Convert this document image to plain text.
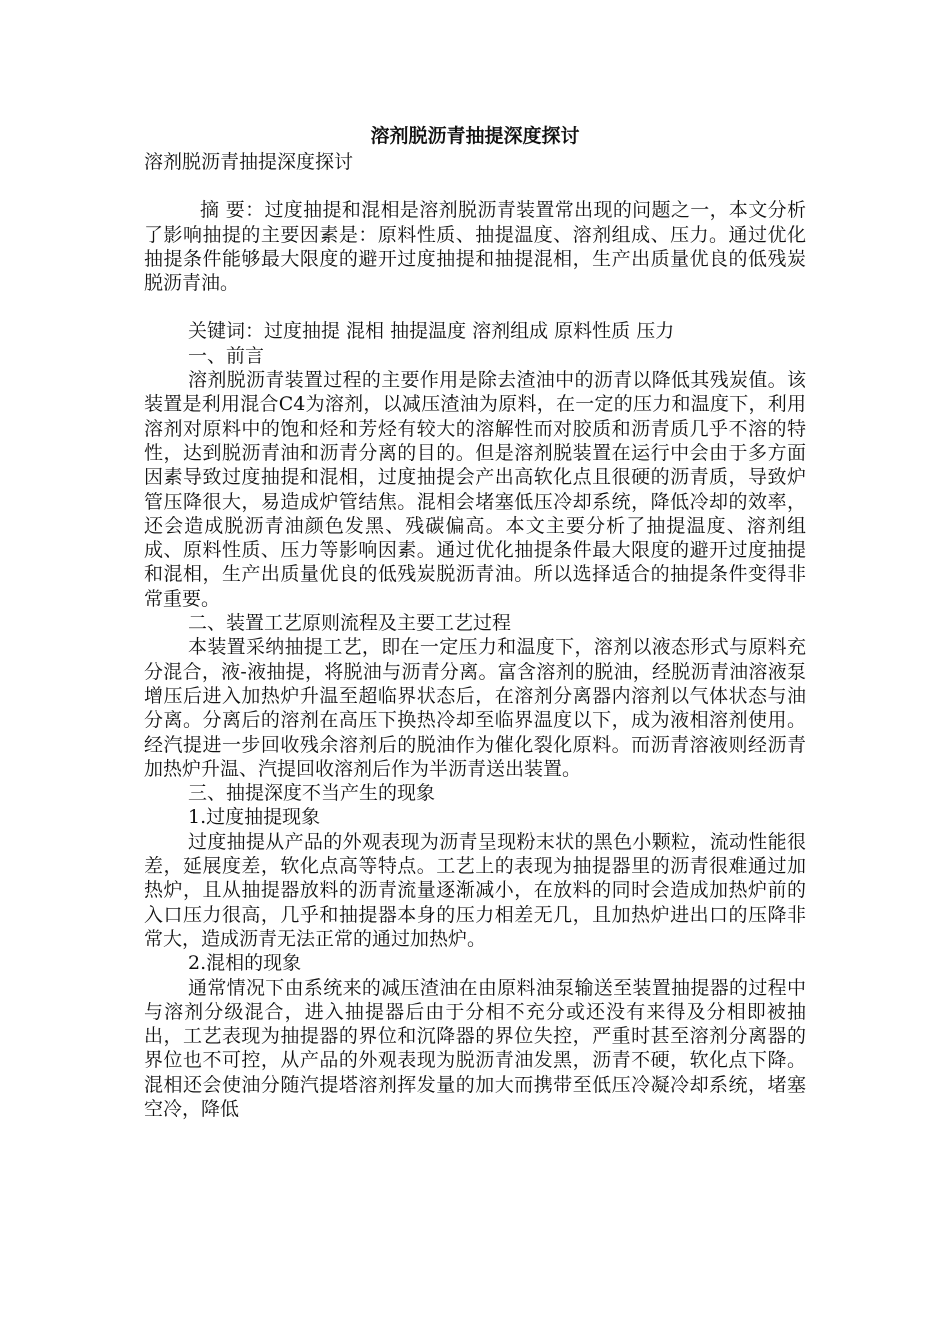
溶剂脱沥青抽提深度探讨

溶剂脱沥青抽提深度探讨

摘 要：过度抽提和混相是溶剂脱沥青装置常出现的问题之一，本文分析了影响抽提的主要因素是：原料性质、抽提温度、溶剂组成、压力。通过优化抽提条件能够最大限度的避开过度抽提和抽提混相，生产出质量优良的低残炭脱沥青油。

关键词：过度抽提 混相 抽提温度 溶剂组成 原料性质 压力

一、前言

溶剂脱沥青装置过程的主要作用是除去渣油中的沥青以降低其残炭值。该装置是利用混合C4为溶剂，以减压渣油为原料，在一定的压力和温度下，利用溶剂对原料中的饱和烃和芳烃有较大的溶解性而对胶质和沥青质几乎不溶的特性，达到脱沥青油和沥青分离的目的。但是溶剂脱装置在运行中会由于多方面因素导致过度抽提和混相，过度抽提会产出高软化点且很硬的沥青质，导致炉管压降很大，易造成炉管结焦。混相会堵塞低压冷却系统，降低冷却的效率，还会造成脱沥青油颜色发黑、残碳偏高。本文主要分析了抽提温度、溶剂组成、原料性质、压力等影响因素。通过优化抽提条件最大限度的避开过度抽提和混相，生产出质量优良的低残炭脱沥青油。所以选择适合的抽提条件变得非常重要。

二、装置工艺原则流程及主要工艺过程

本装置采纳抽提工艺，即在一定压力和温度下，溶剂以液态形式与原料充分混合，液-液抽提，将脱油与沥青分离。富含溶剂的脱油，经脱沥青油溶液泵增压后进入加热炉升温至超临界状态后，在溶剂分离器内溶剂以气体状态与油分离。分离后的溶剂在高压下换热冷却至临界温度以下，成为液相溶剂使用。经汽提进一步回收残余溶剂后的脱油作为催化裂化原料。而沥青溶液则经沥青加热炉升温、汽提回收溶剂后作为半沥青送出装置。

三、抽提深度不当产生的现象

1.过度抽提现象

过度抽提从产品的外观表现为沥青呈现粉末状的黑色小颗粒，流动性能很差，延展度差，软化点高等特点。工艺上的表现为抽提器里的沥青很难通过加热炉，且从抽提器放料的沥青流量逐渐减小，在放料的同时会造成加热炉前的入口压力很高，几乎和抽提器本身的压力相差无几，且加热炉进出口的压降非常大，造成沥青无法正常的通过加热炉。

2.混相的现象

通常情况下由系统来的减压渣油在由原料油泵输送至装置抽提器的过程中与溶剂分级混合，进入抽提器后由于分相不充分或还没有来得及分相即被抽出，工艺表现为抽提器的界位和沉降器的界位失控，严重时甚至溶剂分离器的界位也不可控，从产品的外观表现为脱沥青油发黑，沥青不硬，软化点下降。混相还会使油分随汽提塔溶剂挥发量的加大而携带至低压冷凝冷却系统，堵塞空冷，降低
